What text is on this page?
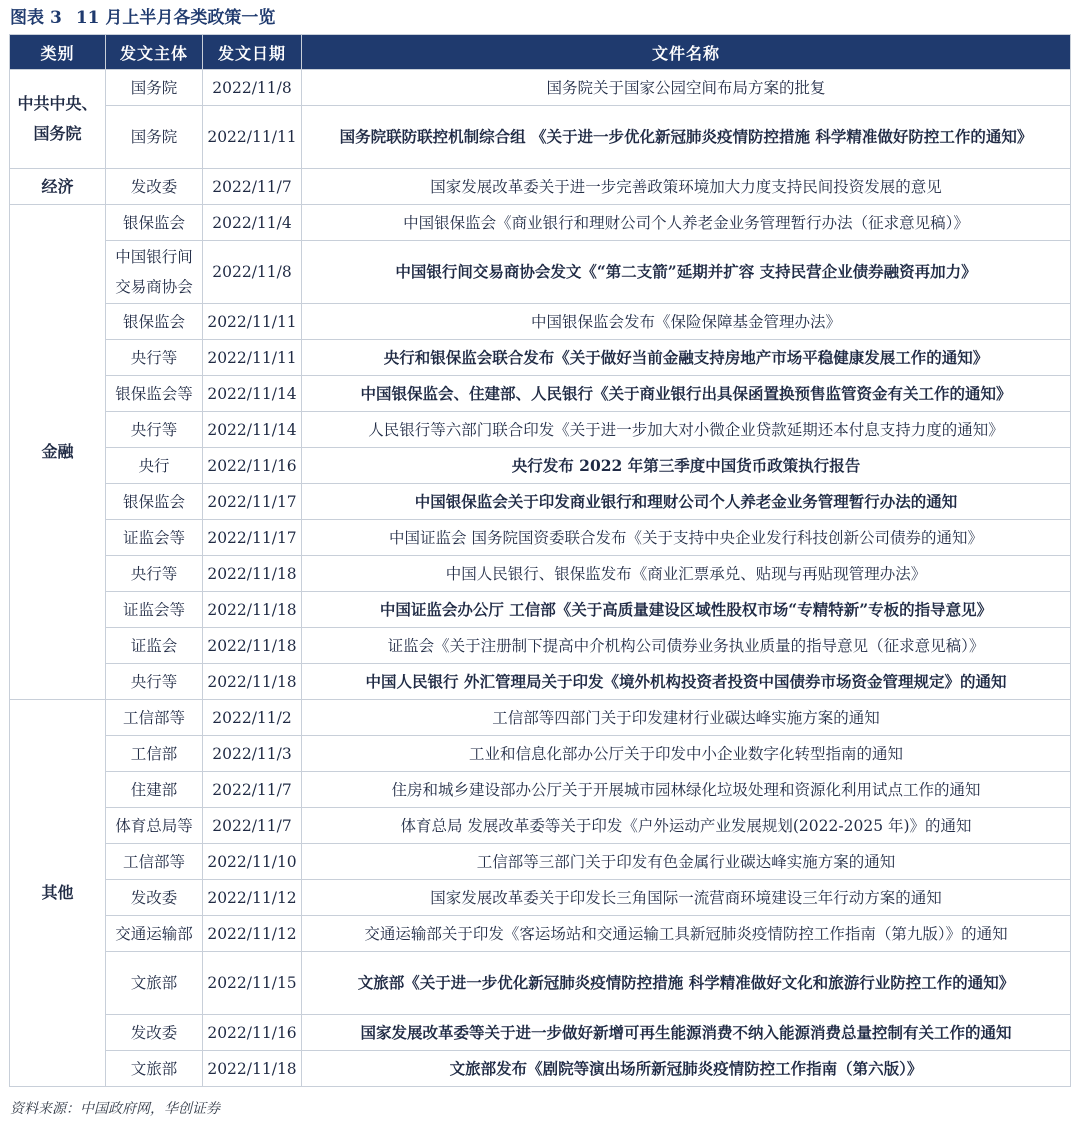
图表 3 11 月上半月各类政策一览
类别	发文主体	发文日期	文件名称
中共中央、国务院	国务院	2022/11/8	国务院关于国家公园空间布局方案的批复
	国务院	2022/11/11	国务院联防联控机制综合组 《关于进一步优化新冠肺炎疫情防控措施 科学精准做好防控工作的通知》
经济	发改委	2022/11/7	国家发展改革委关于进一步完善政策环境加大力度支持民间投资发展的意见
金融	银保监会	2022/11/4	中国银保监会《商业银行和理财公司个人养老金业务管理暂行办法（征求意见稿）》
	中国银行间交易商协会	2022/11/8	中国银行间交易商协会发文《“第二支箭”延期并扩容 支持民营企业债券融资再加力》
	银保监会	2022/11/11	中国银保监会发布《保险保障基金管理办法》
	央行等	2022/11/11	央行和银保监会联合发布《关于做好当前金融支持房地产市场平稳健康发展工作的通知》
	银保监会等	2022/11/14	中国银保监会、住建部、人民银行《关于商业银行出具保函置换预售监管资金有关工作的通知》
	央行等	2022/11/14	人民银行等六部门联合印发《关于进一步加大对小微企业贷款延期还本付息支持力度的通知》
	央行	2022/11/16	央行发布 2022 年第三季度中国货币政策执行报告
	银保监会	2022/11/17	中国银保监会关于印发商业银行和理财公司个人养老金业务管理暂行办法的通知
	证监会等	2022/11/17	中国证监会 国务院国资委联合发布《关于支持中央企业发行科技创新公司债券的通知》
	央行等	2022/11/18	中国人民银行、银保监发布《商业汇票承兑、贴现与再贴现管理办法》
	证监会等	2022/11/18	中国证监会办公厅 工信部《关于高质量建设区域性股权市场“专精特新”专板的指导意见》
	证监会	2022/11/18	证监会《关于注册制下提高中介机构公司债券业务执业质量的指导意见（征求意见稿）》
	央行等	2022/11/18	中国人民银行 外汇管理局关于印发《境外机构投资者投资中国债券市场资金管理规定》的通知
其他	工信部等	2022/11/2	工信部等四部门关于印发建材行业碳达峰实施方案的通知
	工信部	2022/11/3	工业和信息化部办公厅关于印发中小企业数字化转型指南的通知
	住建部	2022/11/7	住房和城乡建设部办公厅关于开展城市园林绿化垃圾处理和资源化利用试点工作的通知
	体育总局等	2022/11/7	体育总局 发展改革委等关于印发《户外运动产业发展规划(2022-2025 年)》的通知
	工信部等	2022/11/10	工信部等三部门关于印发有色金属行业碳达峰实施方案的通知
	发改委	2022/11/12	国家发展改革委关于印发长三角国际一流营商环境建设三年行动方案的通知
	交通运输部	2022/11/12	交通运输部关于印发《客运场站和交通运输工具新冠肺炎疫情防控工作指南（第九版）》的通知
	文旅部	2022/11/15	文旅部《关于进一步优化新冠肺炎疫情防控措施 科学精准做好文化和旅游行业防控工作的通知》
	发改委	2022/11/16	国家发展改革委等关于进一步做好新增可再生能源消费不纳入能源消费总量控制有关工作的通知
	文旅部	2022/11/18	文旅部发布《剧院等演出场所新冠肺炎疫情防控工作指南（第六版）》
资料来源：中国政府网，华创证券
